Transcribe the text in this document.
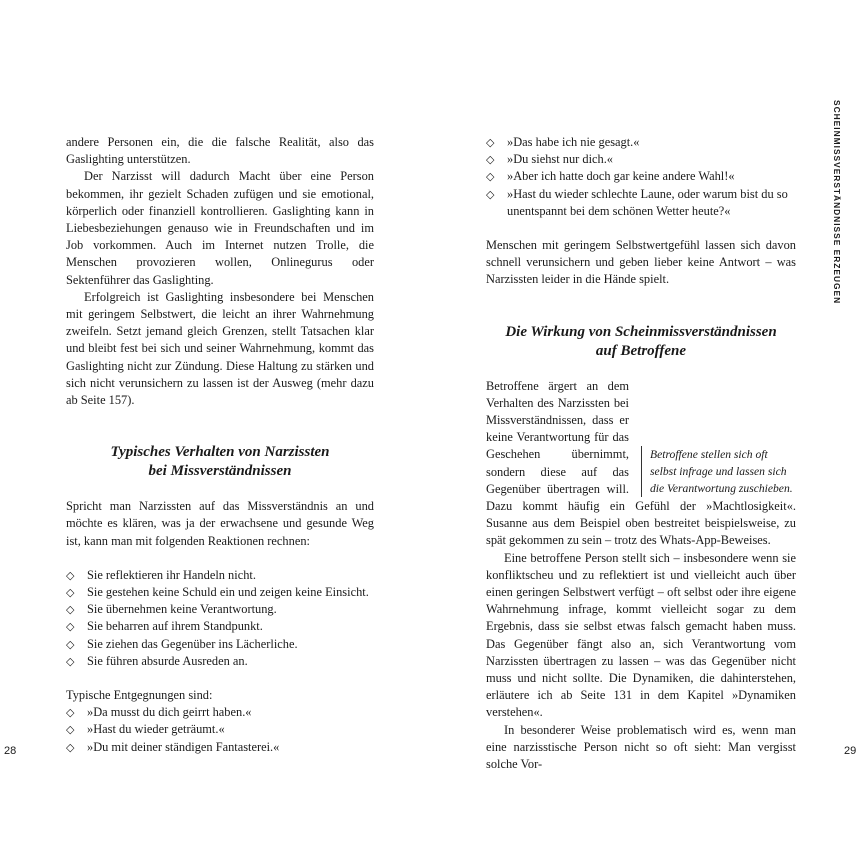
andere Personen ein, die die falsche Realität, also das Gaslighting unterstützen.

Der Narzisst will dadurch Macht über eine Person bekommen, ihr gezielt Schaden zufügen und sie emotional, körperlich oder finanziell kontrollieren. Gaslighting kann in Liebesbeziehungen genauso wie in Freundschaften und im Job vorkommen. Auch im Internet nutzen Trolle, die Menschen provozieren wollen, Onlinegurus oder Sektenführer das Gaslighting.

Erfolgreich ist Gaslighting insbesondere bei Menschen mit geringem Selbstwert, die leicht an ihrer Wahrnehmung zweifeln. Setzt jemand gleich Grenzen, stellt Tatsachen klar und bleibt fest bei sich und seiner Wahrnehmung, kommt das Gaslighting nicht zur Zündung. Diese Haltung zu stärken und sich nicht verunsichern zu lassen ist der Ausweg (mehr dazu ab Seite 157).

Typisches Verhalten von Narzissten
bei Missverständnissen

Spricht man Narzissten auf das Missverständnis an und möchte es klären, was ja der erwachsene und gesunde Weg ist, kann man mit folgenden Reaktionen rechnen:

◇ Sie reflektieren ihr Handeln nicht.
◇ Sie gestehen keine Schuld ein und zeigen keine Einsicht.
◇ Sie übernehmen keine Verantwortung.
◇ Sie beharren auf ihrem Standpunkt.
◇ Sie ziehen das Gegenüber ins Lächerliche.
◇ Sie führen absurde Ausreden an.

Typische Entgegnungen sind:

◇ »Da musst du dich geirrt haben.«
◇ »Hast du wieder geträumt.«
◇ »Du mit deiner ständigen Fantasterei.«
28
◇ »Das habe ich nie gesagt.«
◇ »Du siehst nur dich.«
◇ »Aber ich hatte doch gar keine andere Wahl!«
◇ »Hast du wieder schlechte Laune, oder warum bist du so unentspannt bei dem schönen Wetter heute?«

Menschen mit geringem Selbstwertgefühl lassen sich davon schnell verunsichern und geben lieber keine Antwort – was Narzissten leider in die Hände spielt.

Die Wirkung von Scheinmissverständnissen
auf Betroffene

Betroffene stellen sich oft selbst infrage und lassen sich die Verantwortung zuschieben.
Betroffene ärgert an dem Verhalten des Narzissten bei Missverständnissen, dass er keine Verantwortung für das Geschehen übernimmt, sondern diese auf das Gegenüber übertragen will. Dazu kommt häufig ein Gefühl der »Machtlosigkeit«. Susanne aus dem Beispiel oben bestreitet beispielsweise, zu spät gekommen zu sein – trotz des Whats-App-Beweises.

Eine betroffene Person stellt sich – insbesondere wenn sie konfliktscheu und zu reflektiert ist und vielleicht auch über einen geringen Selbstwert verfügt – oft selbst oder ihre eigene Wahrnehmung infrage, kommt vielleicht sogar zu dem Ergebnis, dass sie selbst etwas falsch gemacht haben muss. Das Gegenüber fängt also an, sich Verantwortung vom Narzissten übertragen zu lassen – was das Gegenüber nicht muss und nicht sollte. Die Dynamiken, die dahinterstehen, erläutere ich ab Seite 131 in dem Kapitel »Dynamiken verstehen«.

In besonderer Weise problematisch wird es, wenn man eine narzisstische Person nicht so oft sieht: Man vergisst solche Vor-

SCHEINMISSVERSTÄNDNISSE ERZEUGEN
29
